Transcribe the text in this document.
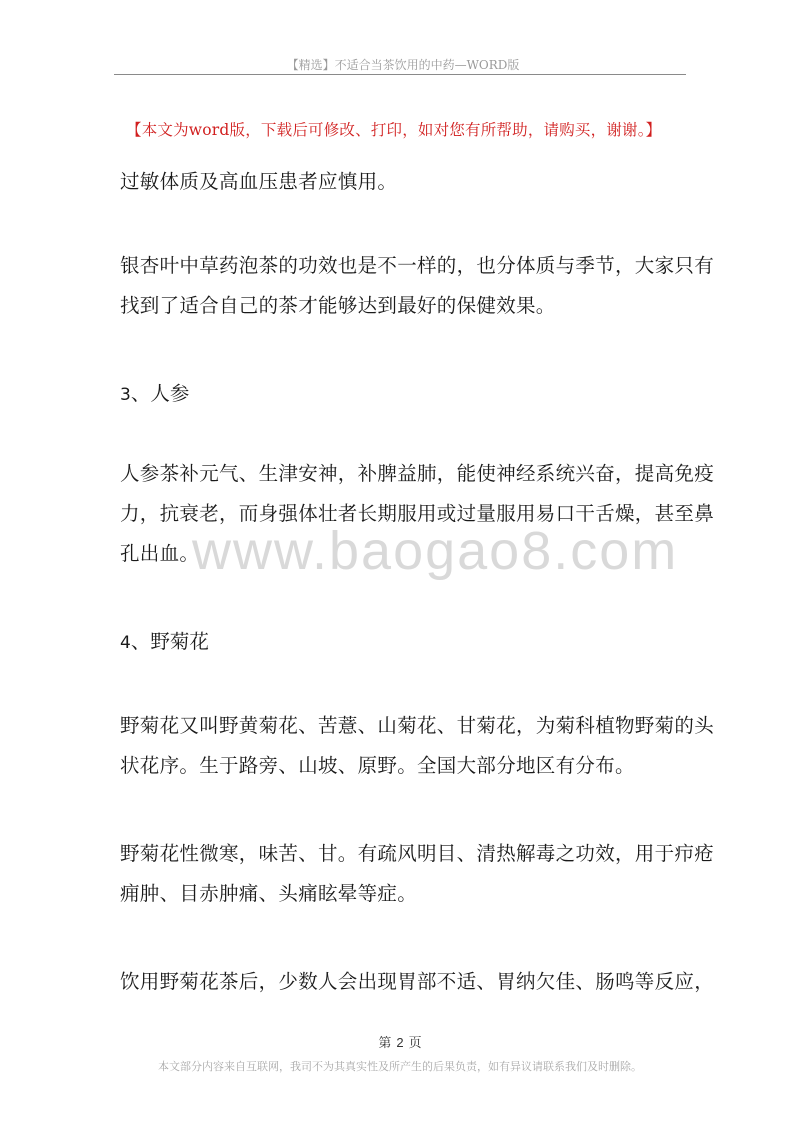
【精选】不适合当茶饮用的中药—WORD版
【本文为word版，下载后可修改、打印，如对您有所帮助，请购买，谢谢。】

过敏体质及高血压患者应慎用。

银杏叶中草药泡茶的功效也是不一样的，也分体质与季节，大家只有
找到了适合自己的茶才能够达到最好的保健效果。

3、人参

人参茶补元气、生津安神，补脾益肺，能使神经系统兴奋，提高免疫
力，抗衰老，而身强体壮者长期服用或过量服用易口干舌燥，甚至鼻
孔出血。

www.baogao8.com

4、野菊花

野菊花又叫野黄菊花、苦薏、山菊花、甘菊花，为菊科植物野菊的头
状花序。生于路旁、山坡、原野。全国大部分地区有分布。

野菊花性微寒，味苦、甘。有疏风明目、清热解毒之功效，用于疖疮
痈肿、目赤肿痛、头痛眩晕等症。

饮用野菊花茶后，少数人会出现胃部不适、胃纳欠佳、肠鸣等反应，

第 2 页
本文部分内容来自互联网，我司不为其真实性及所产生的后果负责，如有异议请联系我们及时删除。
